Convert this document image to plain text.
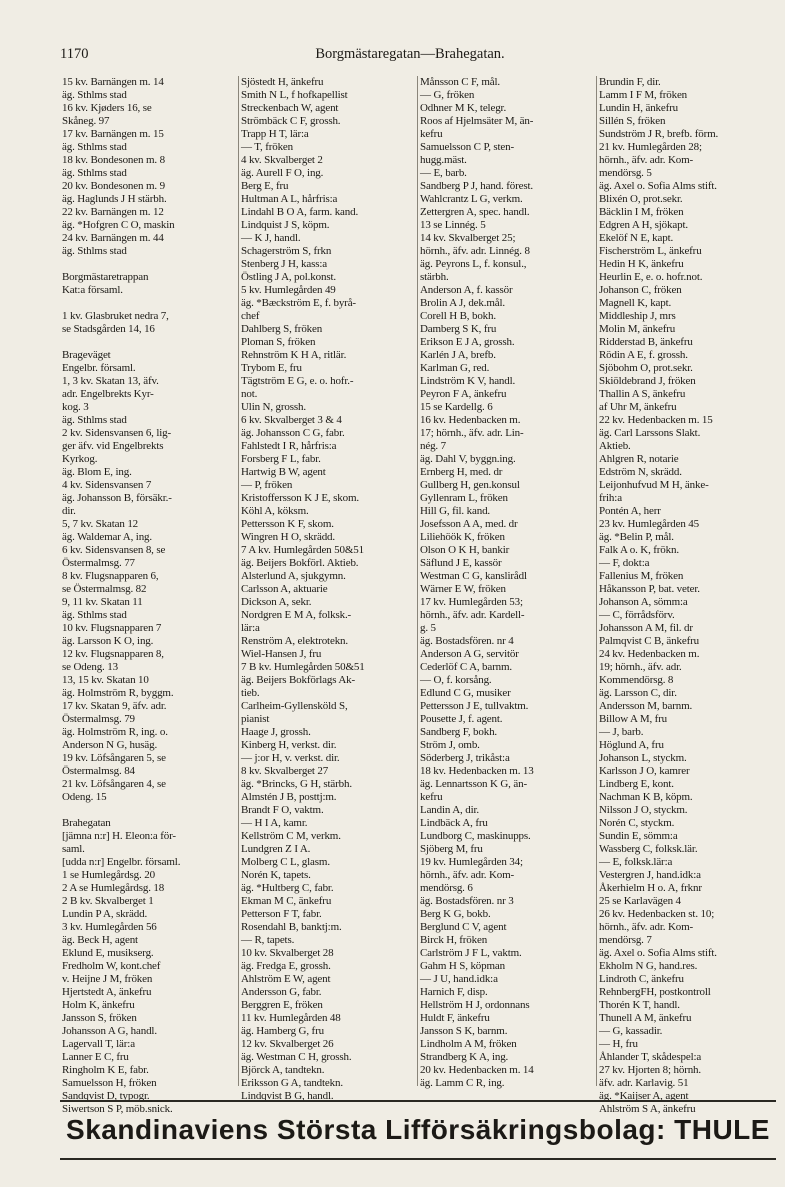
1170	Borgmästaregatan—Brahegatan.
15 kv. Barnängen m. 14
äg. Sthlms stad
16 kv. Kjøders 16, se
Skåneg. 97
17 kv. Barnängen m. 15
äg. Sthlms stad
18 kv. Bondesonen m. 8
äg. Sthlms stad
20 kv. Bondesonen m. 9
äg. Haglunds J H stärbh.
22 kv. Barnängen m. 12
äg. *Hofgren C O, maskin
24 kv. Barnängen m. 44
äg. Sthlms stad
Borgmästaretrappan
Kat:a församl.
1 kv. Glasbruket nedra 7,
se Stadsgården 14, 16
Brageväget
Engelbr. församl.
1, 3 kv. Skatan 13, äfv.
adr. Engelbrekts Kyr-
kog. 3
äg. Sthlms stad
2 kv. Sidensvansen 6, lig-
ger äfv. vid Engelbrekts
Kyrkog.
äg. Blom E, ing.
4 kv. Sidensvansen 7
äg. Johansson B, försäkr.-
dir.
5, 7 kv. Skatan 12
äg. Waldemar A, ing.
6 kv. Sidensvansen 8, se
Östermalmsg. 77
8 kv. Flugsnapparen 6,
se Östermalmsg. 82
9, 11 kv. Skatan 11
äg. Sthlms stad
10 kv. Flugsnapparen 7
äg. Larsson K O, ing.
12 kv. Flugsnapparen 8,
se Odeng. 13
13, 15 kv. Skatan 10
äg. Holmström R, byggm.
17 kv. Skatan 9, äfv. adr.
Östermalmsg. 79
äg. Holmström R, ing. o.
Anderson N G, husäg.
19 kv. Löfsångaren 5, se
Östermalmsg. 84
21 kv. Löfsångaren 4, se
Odeng. 15
Brahegatan
[jämna n:r] H. Eleon:a för-
saml.
[udda n:r] Engelbr. församl.
1 se Humlegårdsg. 20
2 A se Humlegårdsg. 18
2 B kv. Skvalberget 1
Lundin P A, skrädd.
3 kv. Humlegården 56
äg. Beck H, agent
Eklund E, musikserg.
Fredholm W, kont.chef
v. Heijne J M, fröken
Hjertstedt A, änkefru
Holm K, änkefru
Jansson S, fröken
Johansson A G, handl.
Lagervall T, lär:a
Lanner E C, fru
Ringholm K E, fabr.
Samuelsson H, fröken
Sandqvist D, typogr.
Siwertson S P, möb.snick.
Sjöstedt H, änkefru
Smith N L, f hofkapellist
Streckenbach W, agent
Strömbäck C F, grossh.
Trapp H T, lär:a
— T, fröken
4 kv. Skvalberget 2
äg. Aurell F O, ing.
Berg E, fru
Hultman A L, hårfris:a
Lindahl B O A, farm. kand.
Lindquist J S, köpm.
— K J, handl.
Schagerström S, frkn
Stenberg J H, kass:a
Östling J A, pol.konst.
5 kv. Humlegården 49
äg. *Bæckström E, f. byrå-
chef
Dahlberg S, fröken
Ploman S, fröken
Rehnström K H A, ritlär.
Trybom E, fru
Tägtström E G, e. o. hofr.-
not.
Ulin N, grossh.
6 kv. Skvalberget 3 & 4
äg. Johansson C G, fabr.
Fahlstedt I R, hårfris:a
Forsberg F L, fabr.
Hartwig B W, agent
— P, fröken
Kristoffersson K J E, skom.
Köhl A, köksm.
Pettersson K F, skom.
Wingren H O, skrädd.
7 A kv. Humlegården 50&51
äg. Beijers Bokförl. Aktieb.
Alsterlund A, sjukgymn.
Carlsson A, aktuarie
Dickson A, sekr.
Nordgren E M A, folksk.-
lär:a
Renström A, elektrotekn.
Wiel-Hansen J, fru
7 B kv. Humlegården 50&51
äg. Beijers Bokförlags Ak-
tieb.
Carlheim-Gyllensköld S,
pianist
Haage J, grossh.
Kinberg H, verkst. dir.
— j:or H, v. verkst. dir.
8 kv. Skvalberget 27
äg. *Brincks, G H, stärbh.
Almstén J B, posttj:m.
Brandt F O, vaktm.
— H I A, kamr.
Kellström C M, verkm.
Lundgren Z I A.
Molberg C L, glasm.
Norén K, tapets.
äg. *Hultberg C, fabr.
Ekman M C, änkefru
Petterson F T, fabr.
Rosendahl B, banktj:m.
— R, tapets.
10 kv. Skvalberget 28
äg. Fredga E, grossh.
Ahlström E W, agent
Andersson G, fabr.
Berggren E, fröken
11 kv. Humlegården 48
äg. Hamberg G, fru
12 kv. Skvalberget 26
äg. Westman C H, grossh.
Björck A, tandtekn.
Eriksson G A, tandtekn.
Lindqvist B G, handl.
Månsson C F, mål.
— G, fröken
Odhner M K, telegr.
Roos af Hjelmsäter M, än-
kefru
Samuelsson C P, sten-
hugg.mäst.
— E, barb.
Sandberg P J, hand. förest.
Wahlcrantz L G, verkm.
Zettergren A, spec. handl.
13 se Linnég. 5
14 kv. Skvalberget 25;
hörnh., äfv. adr. Linnég. 8
äg. Peyrons L, f. konsul.,
stärbh.
Anderson A, f. kassör
Brolin A J, dek.mål.
Corell H B, bokh.
Damberg S K, fru
Erikson E J A, grossh.
Karlén J A, brefb.
Karlman G, red.
Lindström K V, handl.
Peyron F A, änkefru
15 se Kardellg. 6
16 kv. Hedenbacken m.
17; hörnh., äfv. adr. Lin-
nég. 7
äg. Dahl V, byggn.ing.
Ernberg H, med. dr
Gullberg H, gen.konsul
Gyllenram L, fröken
Hill G, fil. kand.
Josefsson A A, med. dr
Liliehöök K, fröken
Olson O K H, bankir
Säflund J E, kassör
Westman C G, kanslirådl
Wärner E W, fröken
17 kv. Humlegården 53;
hörnh., äfv. adr. Kardell-
g. 5
äg. Bostadsfören. nr 4
Anderson A G, servitör
Cederlöf C A, barnm.
— O, f. korsång.
Edlund C G, musiker
Pettersson J E, tullvaktm.
Pousette J, f. agent.
Sandberg F, bokh.
Ström J, omb.
Söderberg J, trikåst:a
18 kv. Hedenbacken m. 13
äg. Lennartsson K G, än-
kefru
Landin A, dir.
Lindbäck A, fru
Lundborg C, maskinupps.
Sjöberg M, fru
19 kv. Humlegården 34;
hörnh., äfv. adr. Kom-
mendörsg. 6
äg. Bostadsfören. nr 3
Berg K G, bokb.
Berglund C V, agent
Birck H, fröken
Carlström J F L, vaktm.
Gahm H S, köpman
— J U, hand.idk:a
Harnich F, disp.
Hellström H J, ordonnans
Huldt F, änkefru
Jansson S K, barnm.
Lindholm A M, fröken
Strandberg K A, ing.
20 kv. Hedenbacken m. 14
äg. Lamm C R, ing.
Brundin F, dir.
Lamm I F M, fröken
Lundin H, änkefru
Sillén S, fröken
Sundström J R, brefb. förm.
21 kv. Humlegården 28;
hörnh., äfv. adr. Kom-
mendörsg. 5
äg. Axel o. Sofia Alms stift.
Blixén O, prot.sekr.
Bäcklin I M, fröken
Edgren A H, sjökapt.
Ekelöf N E, kapt.
Fischerström L, änkefru
Hedin H K, änkefru
Heurlin E, e. o. hofr.not.
Johanson C, fröken
Magnell K, kapt.
Middleship J, mrs
Molin M, änkefru
Ridderstad B, änkefru
Rödin A E, f. grossh.
Sjöbohm O, prot.sekr.
Skiöldebrand J, fröken
Thallin A S, änkefru
af Uhr M, änkefru
22 kv. Hedenbacken m. 15
äg. Carl Larssons Slakt.
Aktieb.
Ahlgren R, notarie
Edström N, skrädd.
Leijonhufvud M H, änke-
frih:a
Pontén A, herr
23 kv. Humlegården 45
äg. *Belin P, mål.
Falk A o. K, frökn.
— F, dokt:a
Fallenius M, fröken
Håkansson P, bat. veter.
Johanson A, sömm:a
— C, förrådsförv.
Johansson A M, fil. dr
Palmqvist C B, änkefru
24 kv. Hedenbacken m.
19; hörnh., äfv. adr.
Kommendörsg. 8
äg. Larsson C, dir.
Andersson M, barnm.
Billow A M, fru
— J, barb.
Höglund A, fru
Johanson L, styckm.
Karlsson J O, kamrer
Lindberg E, kont.
Nachman K B, köpm.
Nilsson J O, styckm.
Norén C, styckm.
Sundin E, sömm:a
Wassberg C, folksk.lär.
— E, folksk.lär:a
Vestergren J, hand.idk:a
Åkerhielm H o. A, frknr
25 se Karlavägen 4
26 kv. Hedenbacken st. 10;
hörnh., äfv. adr. Kom-
mendörsg. 7
äg. Axel o. Sofia Alms stift.
Ekholm N G, hand.res.
Lindroth C, änkefru
RehnbergFH, postkontroll
Thorén K T, handl.
Thunell A M, änkefru
— G, kassadir.
— H, fru
Åhlander T, skådespel:a
27 kv. Hjorten 8; hörnh.
äfv. adr. Karlavig. 51
äg. *Kaijser A, agent
Ahlström S A, änkefru
Skandinaviens Största Lifförsäkringsbolag: THULE
